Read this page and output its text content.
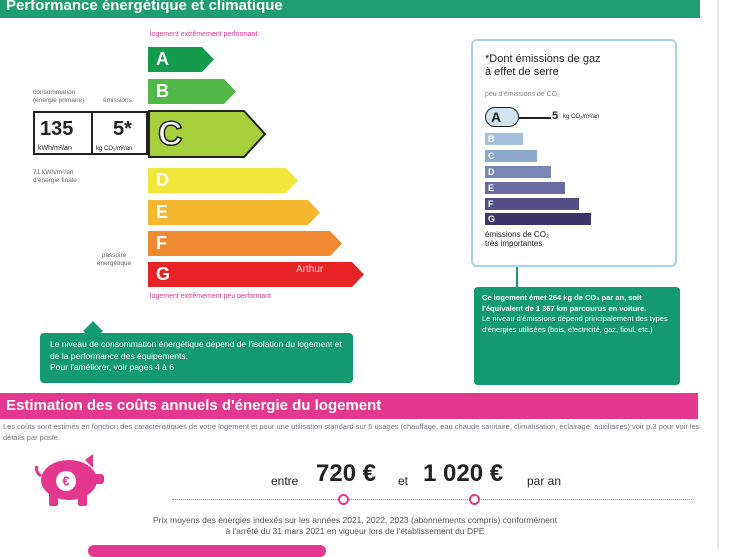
Performance énergétique et climatique
logement extrêmement performant
A
B
C
D
E
F
G	Arthur
logement extrêmement peu performant
consommation
(énergie primaire)	émissions
135
kWh/m²/an
5*
kg CO₂/m²/an
71 kWh/m²/an
d'énergie finale
passoire
énergétique
Le niveau de consommation énergétique dépend de l'isolation du logement et de la performance des équipements.
Pour l'améliorer, voir pages 4 à 6
*Dont émissions de gaz
à effet de serre
peu d'émissions de CO₂
A	5 kg CO₂/m²/an
B
C
D
E
F
G
émissions de CO₂
très importantes
Ce logement émet 264 kg de CO₂ par an, soit l'équivalent de 1 367 km parcourus en voiture.
Le niveau d'émissions dépend principalement des types d'énergies utilisées (bois, électricité, gaz, fioul, etc.)
Estimation des coûts annuels d'énergie du logement
Les coûts sont estimés en fonction des caractéristiques de votre logement et pour une utilisation standard sur 5 usages (chauffage, eau chaude sanitaire, climatisation, éclairage, auxiliaires) voir p.3 pour voir les détails par poste.
€	entre 720 € et 1 020 € par an
Prix moyens des énergies indexés sur les années 2021, 2022, 2023 (abonnements compris) conformément à l'arrêté du 31 mars 2021 en vigueur lors de l'établissement du DPE
